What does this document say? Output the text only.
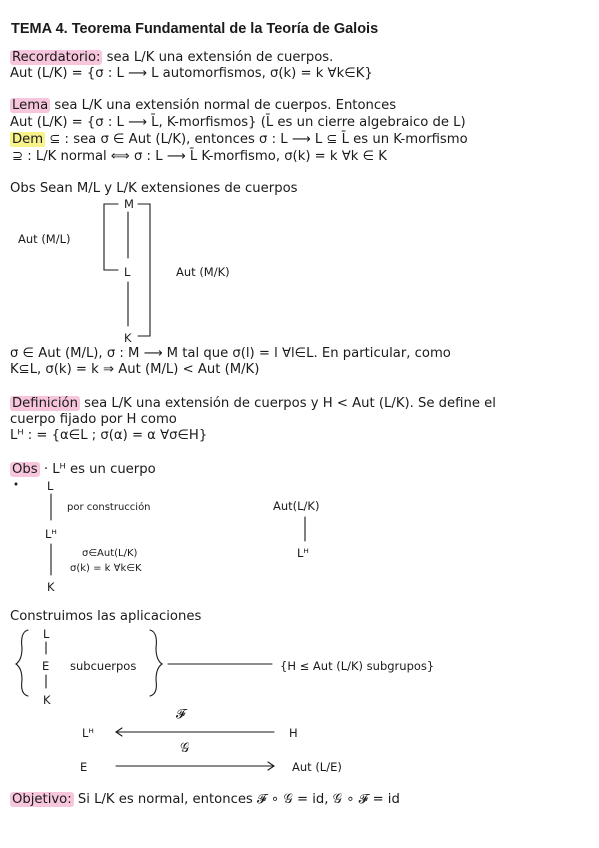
TEMA 4. Teorema Fundamental de la Teoría de Galois
Recordatorio: sea L/K una extensión de cuerpos.
Aut (L/K) = {σ : L ⟶ L automorfismos, σ(k) = k ∀k∈K}
Lema sea L/K una extensión normal de cuerpos. Entonces
Aut (L/K) = {σ : L ⟶ L̄, K-morfismos} (L̄ es un cierre algebraico de L)
Dem ⊆ : sea σ ∈ Aut (L/K), entonces σ : L ⟶ L ⊆ L̄ es un K-morfismo
⊇ : L/K normal ⟺ σ : L ⟶ L̄ K-morfismo, σ(k) = k ∀k ∈ K
Obs Sean M/L y L/K extensiones de cuerpos
M
Aut (M/L)
L	Aut (M/K)
K
σ ∈ Aut (M/L), σ : M ⟶ M tal que σ(l) = l ∀l∈L. En particular, como
K⊆L, σ(k) = k ⇒ Aut (M/L) < Aut (M/K)
Definición sea L/K una extensión de cuerpos y H < Aut (L/K). Se define el
cuerpo fijado por H como
Lᴴ : = {α∈L ; σ(α) = α ∀σ∈H}
Obs · Lᴴ es un cuerpo
L
por construcción	Aut(L/K)
Lᴴ
Lᴴ
σ∈Aut(L/K)
σ(k) = k ∀k∈K
K
Construimos las aplicaciones
L
E subcuerpos	{H ≤ Aut (L/K) subgrupos}
K
𝓕
Lᴴ	H
𝒢
E	Aut (L/E)
Objetivo: Si L/K es normal, entonces 𝓕 ∘ 𝒢 = id, 𝒢 ∘ 𝓕 = id
